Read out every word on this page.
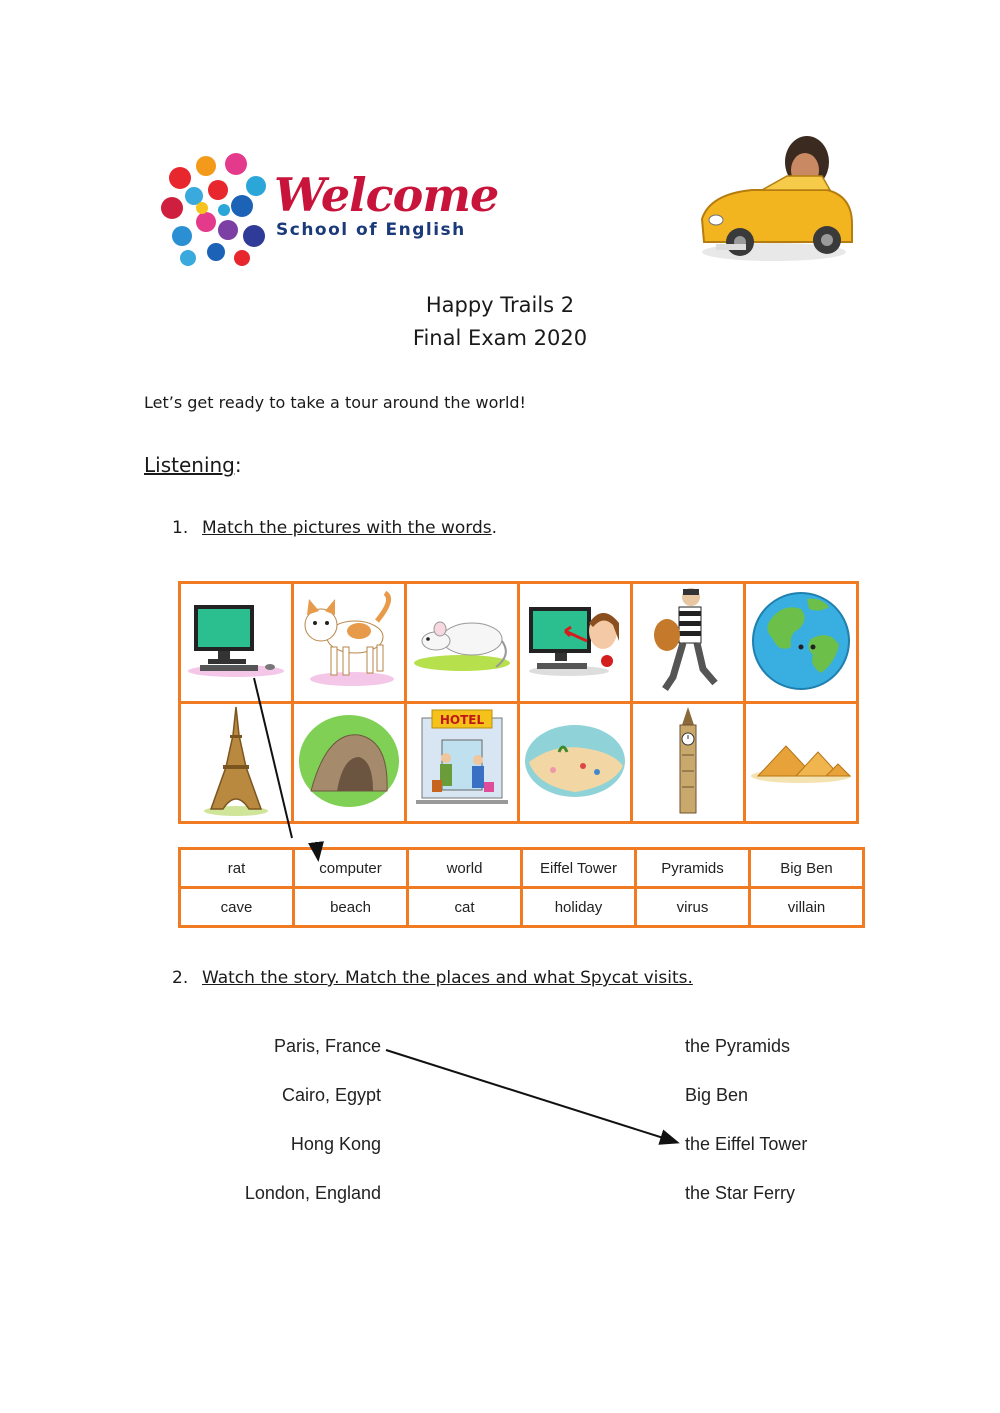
Welcome
School of English
Happy Trails 2
Final Exam 2020
Let’s get ready to take a tour around the world!
Listening:
1. Match the pictures with the words.

HOTEL

rat	computer	world	Eiffel Tower	Pyramids	Big Ben
cave	beach	cat	holiday	virus	villain
2. Watch the story. Match the places and what Spycat visits.
Paris, France
Cairo, Egypt
Hong Kong
London, England
the Pyramids
Big Ben
the Eiffel Tower
the Star Ferry
